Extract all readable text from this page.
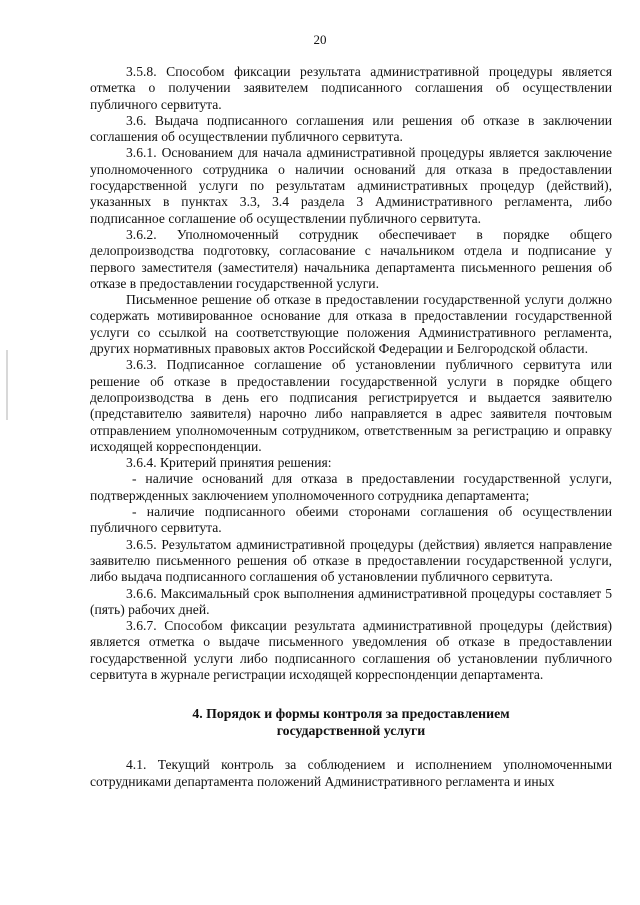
20

3.5.8. Способом фиксации результата административной процедуры является отметка о получении заявителем подписанного соглашения об осуществлении публичного сервитута.

3.6. Выдача подписанного соглашения или решения об отказе в заключении соглашения об осуществлении публичного сервитута.

3.6.1. Основанием для начала административной процедуры является заключение уполномоченного сотрудника о наличии оснований для отказа в предоставлении государственной услуги по результатам административных процедур (действий), указанных в пунктах 3.3, 3.4 раздела 3 Административного регламента, либо подписанное соглашение об осуществлении публичного сервитута.

3.6.2. Уполномоченный сотрудник обеспечивает в порядке общего делопроизводства подготовку, согласование с начальником отдела и подписание у первого заместителя (заместителя) начальника департамента письменного решения об отказе в предоставлении государственной услуги.

Письменное решение об отказе в предоставлении государственной услуги должно содержать мотивированное основание для отказа в предоставлении государственной услуги со ссылкой на соответствующие положения Административного регламента, других нормативных правовых актов Российской Федерации и Белгородской области.

3.6.3. Подписанное соглашение об установлении публичного сервитута или решение об отказе в предоставлении государственной услуги в порядке общего делопроизводства в день его подписания регистрируется и выдается заявителю (представителю заявителя) нарочно либо направляется в адрес заявителя почтовым отправлением уполномоченным сотрудником, ответственным за регистрацию и оправку исходящей корреспонденции.

3.6.4. Критерий принятия решения:

- наличие оснований для отказа в предоставлении государственной услуги, подтвержденных заключением уполномоченного сотрудника департамента;

- наличие подписанного обеими сторонами соглашения об осуществлении публичного сервитута.

3.6.5. Результатом административной процедуры (действия) является направление заявителю письменного решения об отказе в предоставлении государственной услуги, либо выдача подписанного соглашения об установлении публичного сервитута.

3.6.6. Максимальный срок выполнения административной процедуры составляет 5 (пять) рабочих дней.

3.6.7. Способом фиксации результата административной процедуры (действия) является отметка о выдаче письменного уведомления об отказе в предоставлении государственной услуги либо подписанного соглашения об установлении публичного сервитута в журнале регистрации исходящей корреспонденции департамента.

4. Порядок и формы контроля за предоставлением
государственной услуги

4.1. Текущий контроль за соблюдением и исполнением уполномоченными сотрудниками департамента положений Административного регламента и иных
